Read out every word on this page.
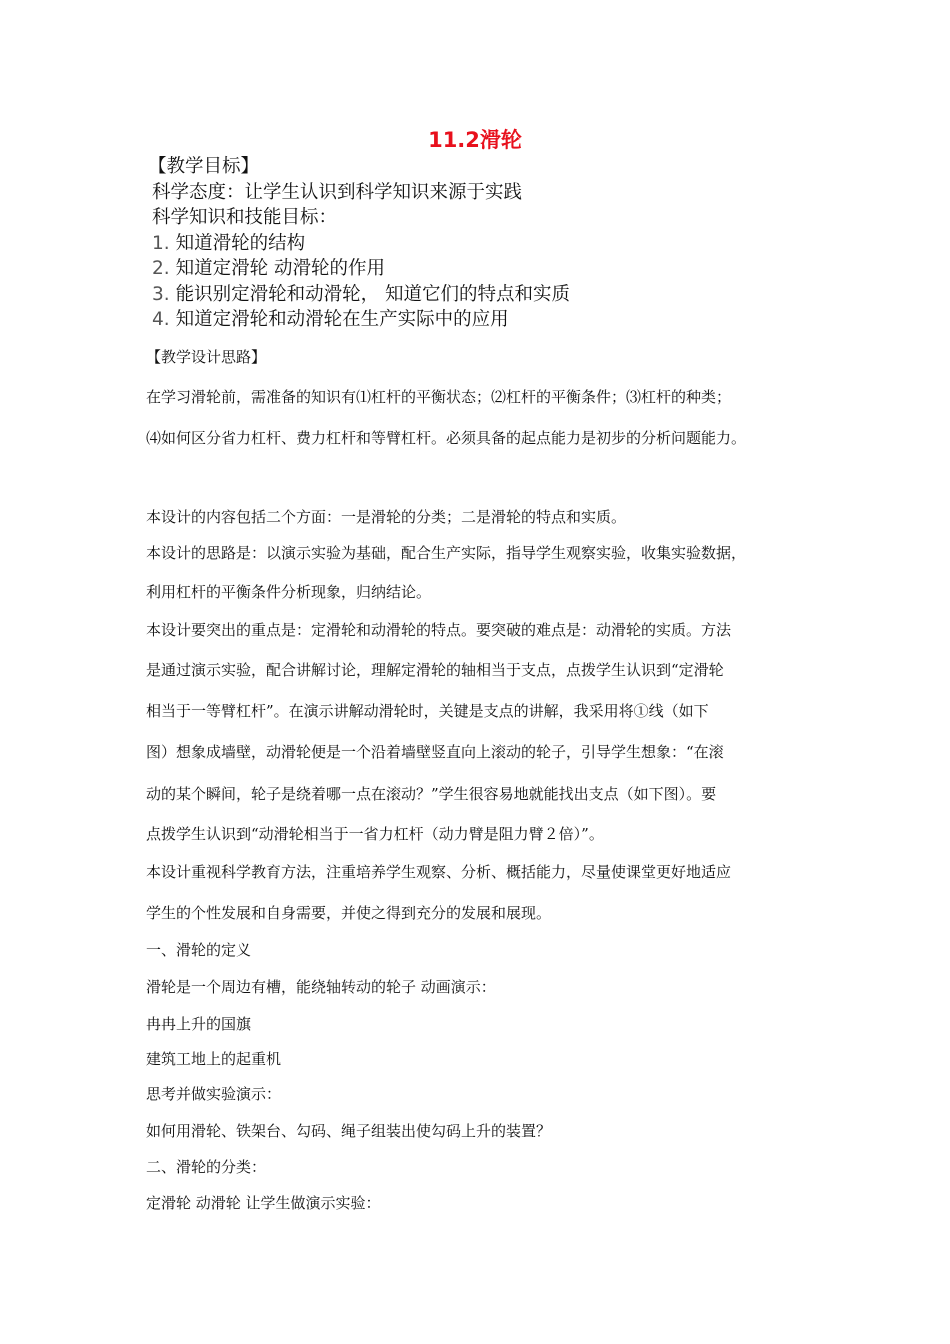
11.2滑轮
【教学目标】
科学态度：让学生认识到科学知识来源于实践
科学知识和技能目标：
1. 知道滑轮的结构
2. 知道定滑轮 动滑轮的作用
3. 能识别定滑轮和动滑轮， 知道它们的特点和实质
4. 知道定滑轮和动滑轮在生产实际中的应用
【教学设计思路】
在学习滑轮前，需准备的知识有⑴杠杆的平衡状态；⑵杠杆的平衡条件；⑶杠杆的种类；
⑷如何区分省力杠杆、费力杠杆和等臂杠杆。必须具备的起点能力是初步的分析问题能力。
本设计的内容包括二个方面：一是滑轮的分类；二是滑轮的特点和实质。
本设计的思路是：以演示实验为基础，配合生产实际，指导学生观察实验，收集实验数据，
利用杠杆的平衡条件分析现象，归纳结论。
本设计要突出的重点是：定滑轮和动滑轮的特点。要突破的难点是：动滑轮的实质。方法
是通过演示实验，配合讲解讨论，理解定滑轮的轴相当于支点，点拨学生认识到“定滑轮
相当于一等臂杠杆”。在演示讲解动滑轮时，关键是支点的讲解，我采用将①线（如下
图）想象成墙壁，动滑轮便是一个沿着墙壁竖直向上滚动的轮子，引导学生想象：“在滚
动的某个瞬间，轮子是绕着哪一点在滚动？”学生很容易地就能找出支点（如下图）。要
点拨学生认识到“动滑轮相当于一省力杠杆（动力臂是阻力臂２倍）”。
本设计重视科学教育方法，注重培养学生观察、分析、概括能力，尽量使课堂更好地适应
学生的个性发展和自身需要，并使之得到充分的发展和展现。
一、滑轮的定义
滑轮是一个周边有槽，能绕轴转动的轮子 动画演示：
冉冉上升的国旗
建筑工地上的起重机
思考并做实验演示：
如何用滑轮、铁架台、勾码、绳子组装出使勾码上升的装置？
二、滑轮的分类：
定滑轮 动滑轮 让学生做演示实验：
